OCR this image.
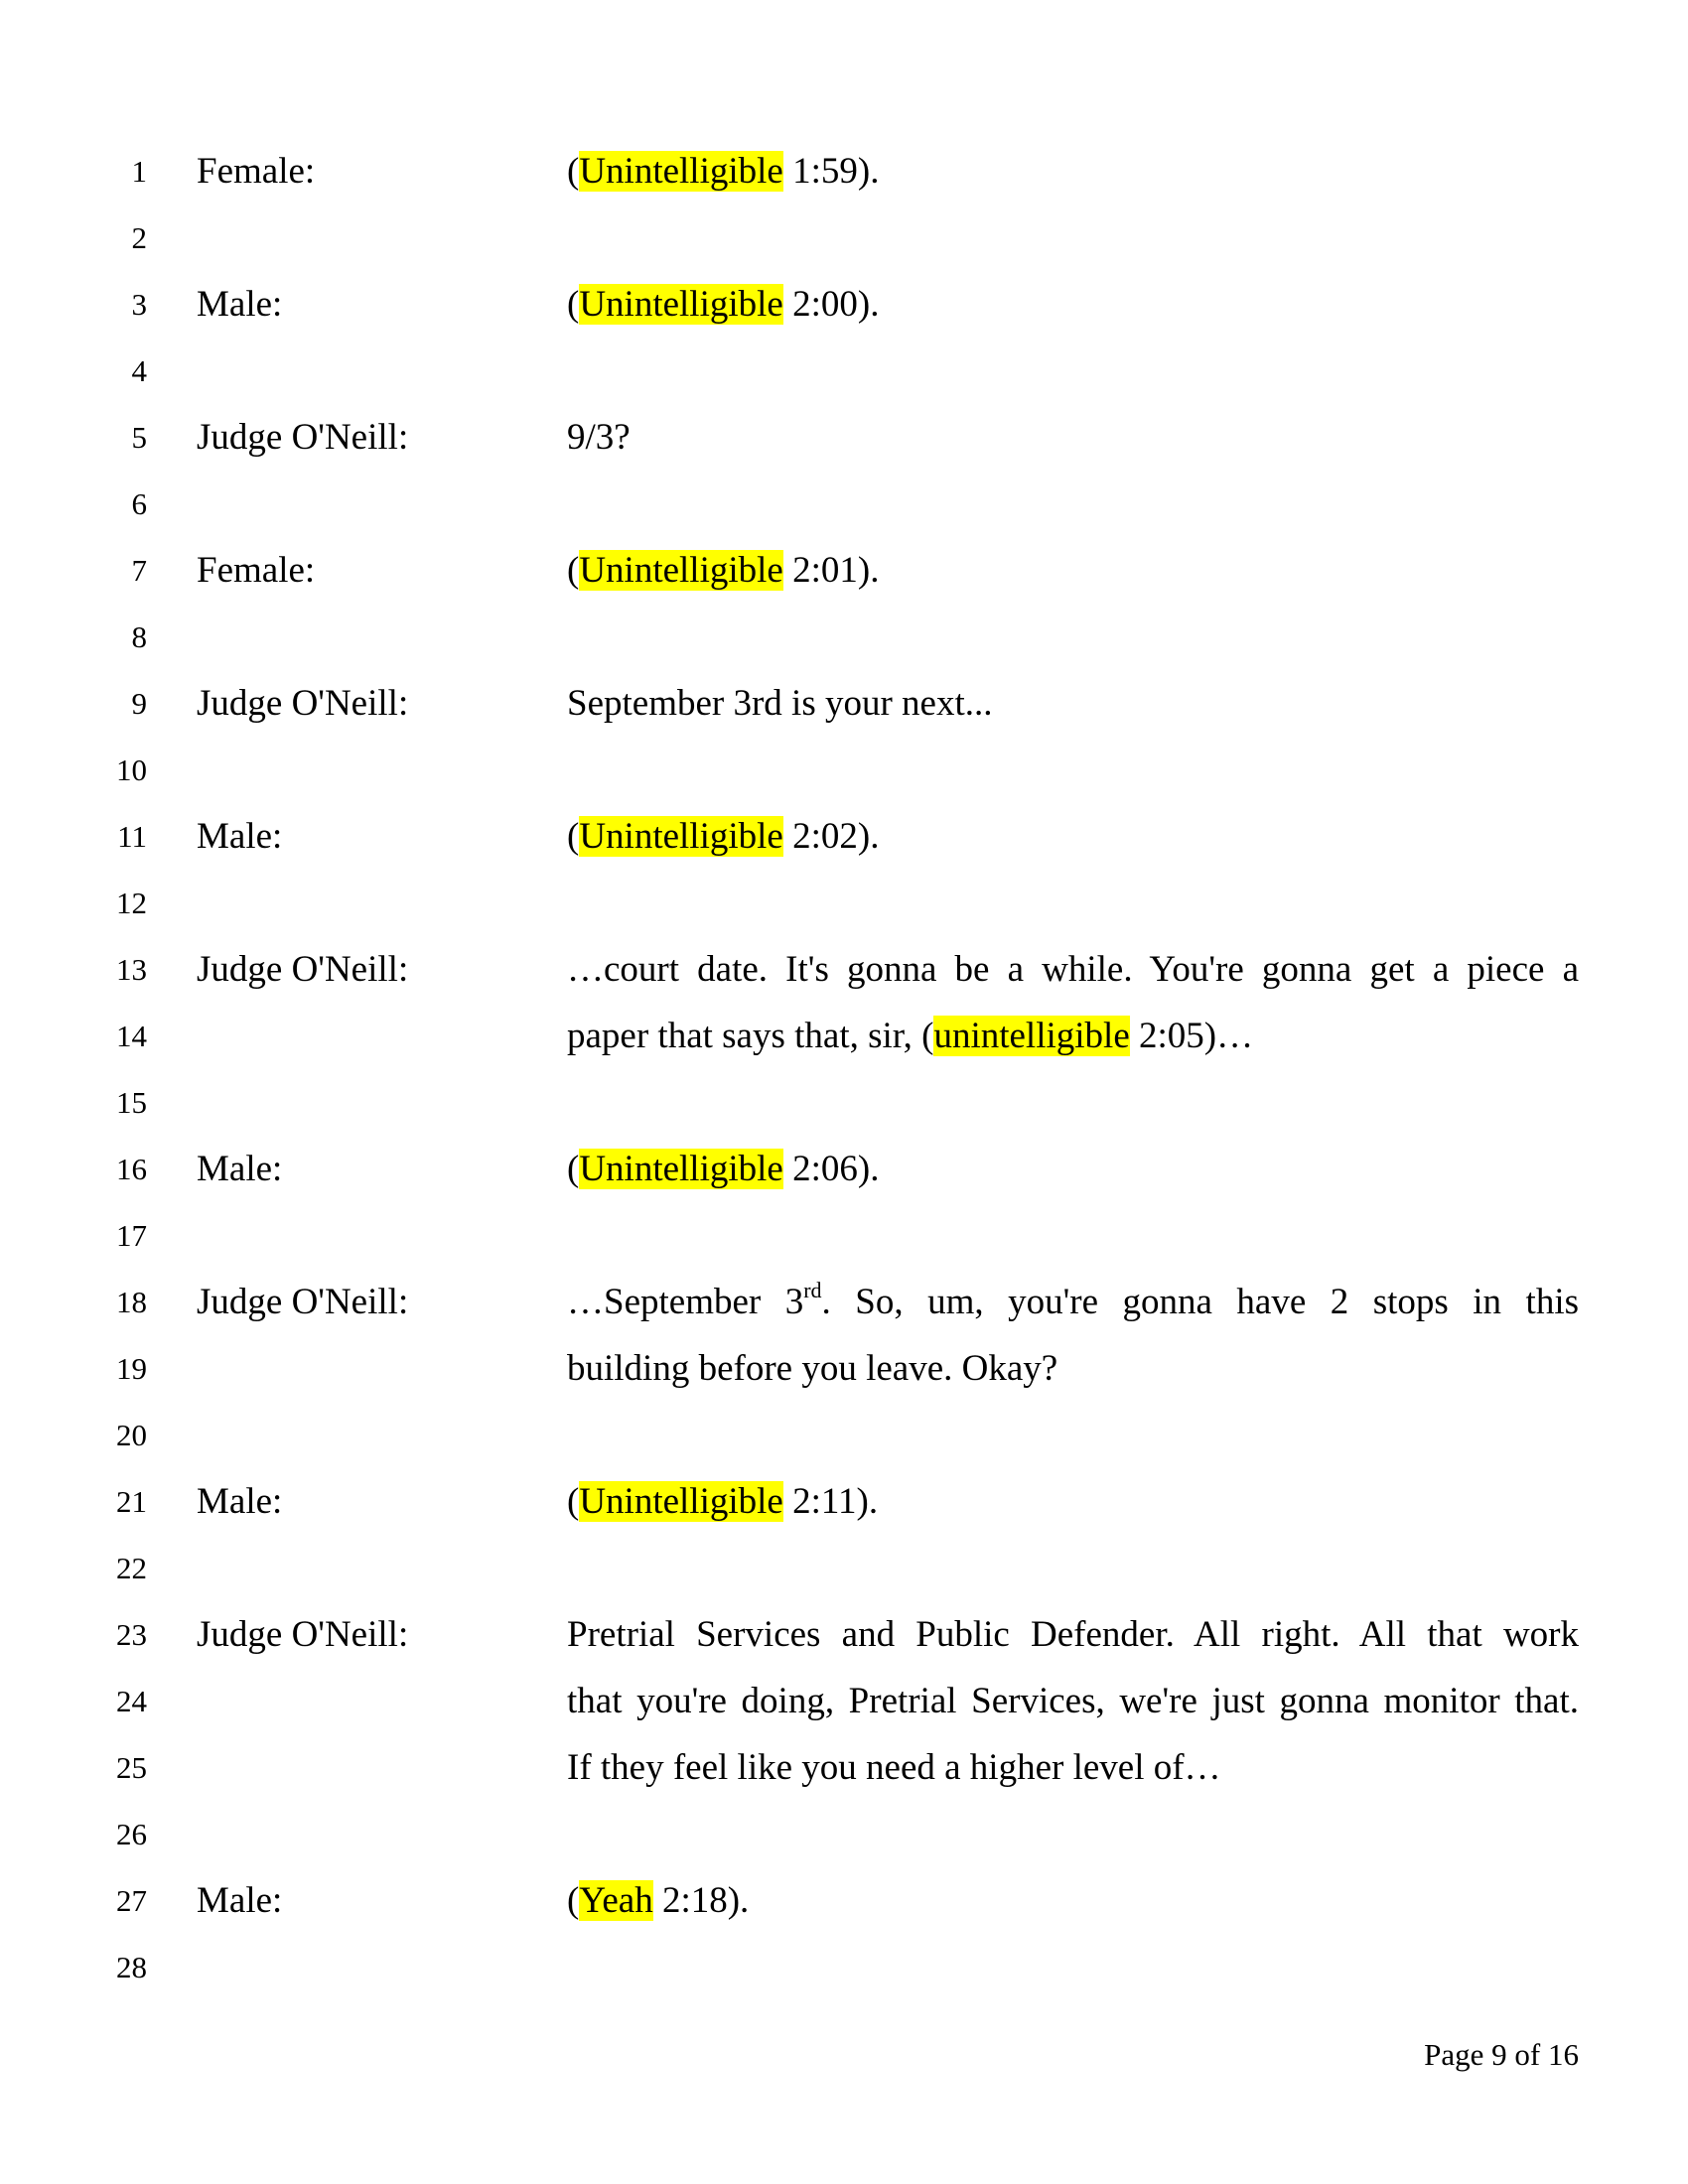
1 Female:	(Unintelligible 1:59).
2
3 Male:	(Unintelligible 2:00).
4
5 Judge O'Neill:	9/3?
6
7 Female:	(Unintelligible 2:01).
8
9 Judge O'Neill:	September 3rd is your next...
10
11 Male:	(Unintelligible 2:02).
12
13 Judge O'Neill:	…court date. It's gonna be a while. You're gonna get a piece a
14	paper that says that, sir, (unintelligible 2:05)…
15
16 Male:	(Unintelligible 2:06).
17
18 Judge O'Neill:	…September 3rd. So, um, you're gonna have 2 stops in this
19	building before you leave. Okay?
20
21 Male:	(Unintelligible 2:11).
22
23 Judge O'Neill:	Pretrial Services and Public Defender. All right. All that work
24	that you're doing, Pretrial Services, we're just gonna monitor that.
25	If they feel like you need a higher level of…
26
27 Male:	(Yeah 2:18).
28
Page 9 of 16
